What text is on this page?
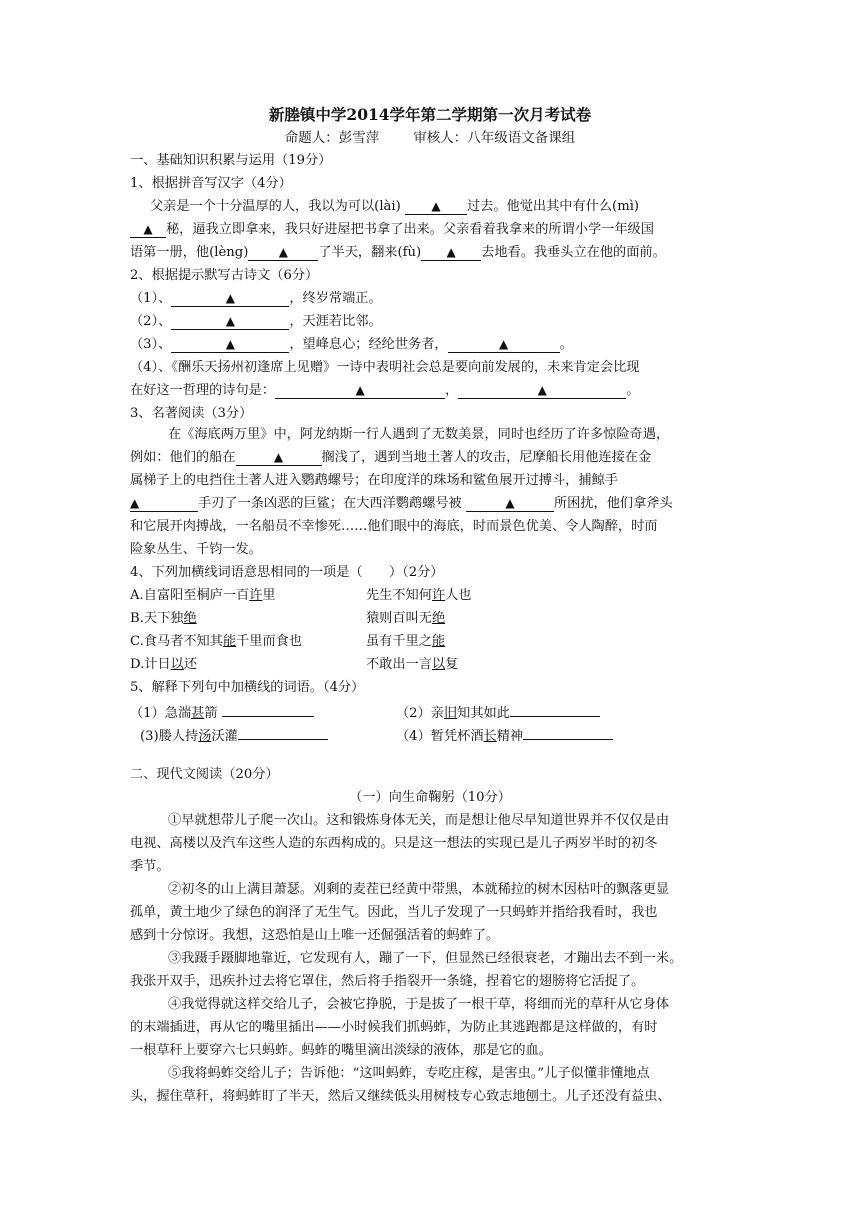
新塍镇中学2014学年第二学期第一次月考试卷
命题人：彭雪萍	审核人：八年级语文备课组
一、基础知识积累与运用（19分）
1、根据拼音写汉字（4分）
父亲是一个十分温厚的人，我以为可以(lài)	▲ 过去。他觉出其中有什么(mì)
▲ 秘，逼我立即拿来，我只好进屋把书拿了出来。父亲看着我拿来的所谓小学一年级国
语第一册，他(lèng)	▲ 了半天，翻来(fù) ▲ 去地看。我垂头立在他的面前。
2、根据提示默写古诗文（6分）
（1）、	▲	，终岁常端正。
（2）、	▲	，天涯若比邻。
（3）、	▲	，望峰息心；经纶世务者，	▲	。
（4）、《酬乐天扬州初逢席上见赠》一诗中表明社会总是要向前发展的，未来肯定会比现
在好这一哲理的诗句是：	▲	，	▲	。
3、名著阅读（3分）
在《海底两万里》中，阿龙纳斯一行人遇到了无数美景，同时也经历了许多惊险奇遇，
例如：他们的船在	▲	搁浅了，遇到当地土著人的攻击，尼摩船长用他连接在金
属梯子上的电挡住土著人进入鹦鹉螺号；在印度洋的珠场和鲨鱼展开过搏斗，捕鲸手
▲	手刃了一条凶恶的巨鲨；在大西洋鹦鹉螺号被	▲	所困扰，他们拿斧头
和它展开肉搏战，一名船员不幸惨死……他们眼中的海底，时而景色优美、令人陶醉，时而
险象丛生、千钧一发。
4、下列加横线词语意思相同的一项是（　　）（2分）
A.自富阳至桐庐一百许里	先生不知何许人也
B.天下独绝	猿则百叫无绝
C.食马者不知其能千里而食也	虽有千里之能
D.计日以还	不敢出一言以复
5、解释下列句中加横线的词语。（4分）
（1）急湍甚箭	（2）亲旧知其如此
(3)媵人持汤沃灌	（4）暂凭杯酒长精神
二、现代文阅读（20分）
（一）向生命鞠躬（10分）
①早就想带儿子爬一次山。这和锻炼身体无关，而是想让他尽早知道世界并不仅仅是由
电视、高楼以及汽车这些人造的东西构成的。只是这一想法的实现已是儿子两岁半时的初冬
季节。
②初冬的山上满目萧瑟。刈剩的麦茬已经黄中带黑，本就稀拉的树木因枯叶的飘落更显
孤单，黄土地少了绿色的润泽了无生气。因此，当儿子发现了一只蚂蚱并指给我看时，我也
感到十分惊讶。我想，这恐怕是山上唯一还倔强活着的蚂蚱了。
③我蹑手蹑脚地靠近，它发现有人，蹦了一下，但显然已经很衰老，才蹦出去不到一米。
我张开双手，迅疾扑过去将它罩住，然后将手指裂开一条缝，捏着它的翅膀将它活捉了。
④我觉得就这样交给儿子，会被它挣脱，于是拔了一根干草，将细而光的草秆从它身体
的末端插进，再从它的嘴里插出——小时候我们抓蚂蚱，为防止其逃跑都是这样做的，有时
一根草秆上要穿六七只蚂蚱。蚂蚱的嘴里滴出淡绿的液体，那是它的血。
⑤我将蚂蚱交给儿子；告诉他：“这叫蚂蚱，专吃庄稼，是害虫。”儿子似懂非懂地点
头，握住草秆，将蚂蚱盯了半天，然后又继续低头用树枝专心致志地刨土。儿子还没有益虫、
